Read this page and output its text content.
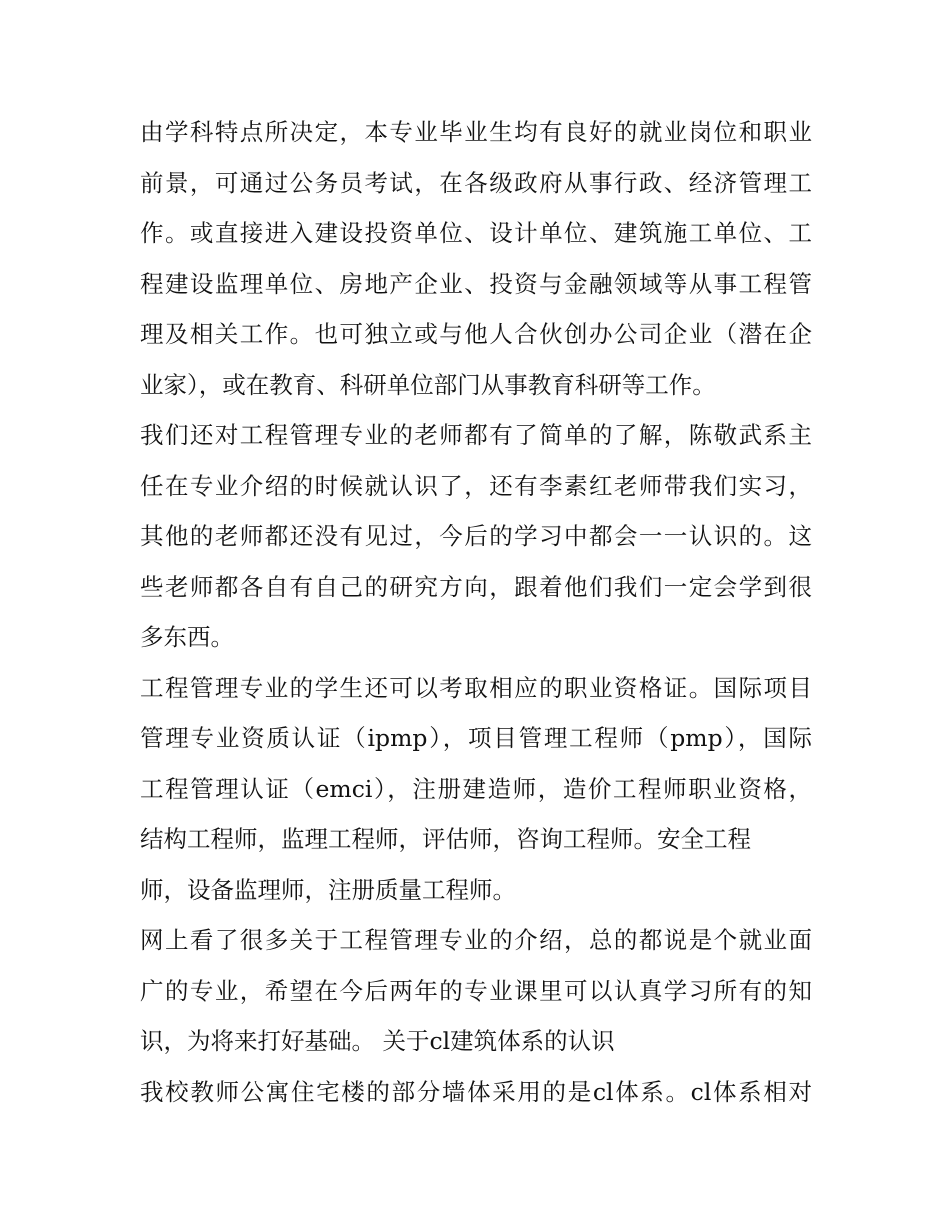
由学科特点所决定，本专业毕业生均有良好的就业岗位和职业
前景，可通过公务员考试，在各级政府从事行政、经济管理工
作。或直接进入建设投资单位、设计单位、建筑施工单位、工
程建设监理单位、房地产企业、投资与金融领域等从事工程管
理及相关工作。也可独立或与他人合伙创办公司企业（潜在企
业家），或在教育、科研单位部门从事教育科研等工作。
我们还对工程管理专业的老师都有了简单的了解，陈敬武系主
任在专业介绍的时候就认识了，还有李素红老师带我们实习，
其他的老师都还没有见过，今后的学习中都会一一认识的。这
些老师都各自有自己的研究方向，跟着他们我们一定会学到很
多东西。
工程管理专业的学生还可以考取相应的职业资格证。国际项目
管理专业资质认证（ipmp），项目管理工程师（pmp），国际
工程管理认证（emci），注册建造师，造价工程师职业资格，
结构工程师，监理工程师，评估师，咨询工程师。安全工程
师，设备监理师，注册质量工程师。
网上看了很多关于工程管理专业的介绍，总的都说是个就业面
广的专业，希望在今后两年的专业课里可以认真学习所有的知
识，为将来打好基础。 关于cl建筑体系的认识
我校教师公寓住宅楼的部分墙体采用的是cl体系。cl体系相对
